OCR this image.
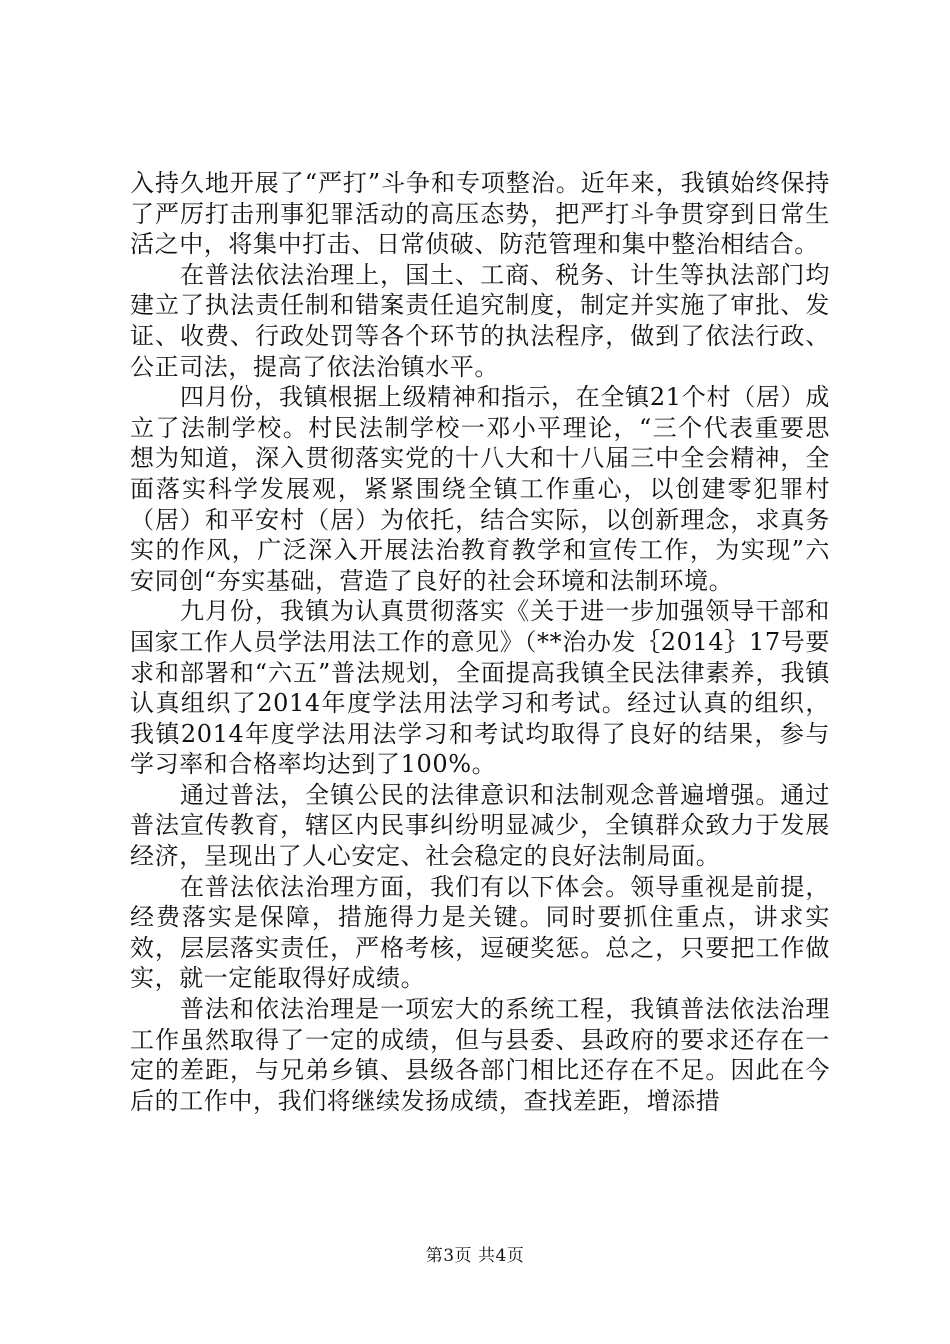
入持久地开展了“严打”斗争和专项整治。近年来，我镇始终保持了严厉打击刑事犯罪活动的高压态势，把严打斗争贯穿到日常生活之中，将集中打击、日常侦破、防范管理和集中整治相结合。

在普法依法治理上，国土、工商、税务、计生等执法部门均建立了执法责任制和错案责任追究制度，制定并实施了审批、发证、收费、行政处罚等各个环节的执法程序，做到了依法行政、公正司法，提高了依法治镇水平。

四月份，我镇根据上级精神和指示，在全镇21个村（居）成立了法制学校。村民法制学校一邓小平理论，“三个代表重要思想为知道，深入贯彻落实党的十八大和十八届三中全会精神，全面落实科学发展观，紧紧围绕全镇工作重心，以创建零犯罪村（居）和平安村（居）为依托，结合实际，以创新理念，求真务实的作风，广泛深入开展法治教育教学和宣传工作，为实现”六安同创“夯实基础，营造了良好的社会环境和法制环境。

九月份，我镇为认真贯彻落实《关于进一步加强领导干部和国家工作人员学法用法工作的意见》（**治办发｛2014｝17号要求和部署和“六五”普法规划，全面提高我镇全民法律素养，我镇认真组织了2014年度学法用法学习和考试。经过认真的组织，我镇2014年度学法用法学习和考试均取得了良好的结果，参与学习率和合格率均达到了100%。

通过普法，全镇公民的法律意识和法制观念普遍增强。通过普法宣传教育，辖区内民事纠纷明显减少，全镇群众致力于发展经济，呈现出了人心安定、社会稳定的良好法制局面。

在普法依法治理方面，我们有以下体会。领导重视是前提，经费落实是保障，措施得力是关键。同时要抓住重点，讲求实效，层层落实责任，严格考核，逗硬奖惩。总之，只要把工作做实，就一定能取得好成绩。

普法和依法治理是一项宏大的系统工程，我镇普法依法治理工作虽然取得了一定的成绩，但与县委、县政府的要求还存在一定的差距，与兄弟乡镇、县级各部门相比还存在不足。因此在今后的工作中，我们将继续发扬成绩，查找差距，增添措

第3页 共4页
